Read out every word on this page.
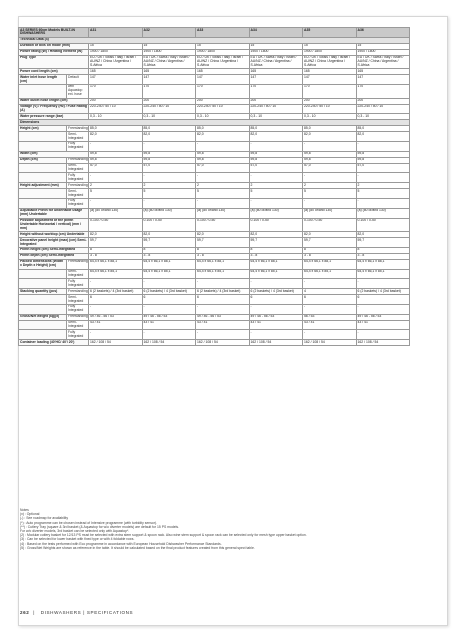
A3 SERIES 60cm Models BUILT-IN DISHWASHERS		A31	A32	A33	A34	A35	A36
Technical Data (4)							
Duration of bills on mode (min)		15	15	15	15	15	15
Power rating (W) / Heating element (W)		1900 / 1800	1900 / 1800	1900 / 1800	1900 / 1800	1900 / 1800	1900 / 1800
Plug Type		EU / UK / Swiss / Italy / Israel / AU/NZ / China / Argentina / S.Africa	EU / UK / Swiss / Italy / Israel / AU/NZ / China / Argentina / S.Africa	EU / UK / Swiss / Italy / Israel / AU/NZ / China / Argentina / S.Africa	EU / UK / Swiss / Italy / Israel / AU/NZ / China / Argentina / S.Africa	EU / UK / Swiss / Italy / Israel / AU/NZ / China / Argentina / S.Africa	EU / UK / Swiss / Italy / Israel / AU/NZ / China / Argentina / S.Africa
Power cord length (cm)		165	165	165	165	165	165
Water inlet hose length (cm)	Default	147	147	147	147	147	147
	with Aquastop ext. hose	170	170	170	170	170	170
Water outlet hose length (cm)		200	200	200	200	200	200
Voltage (V) / Frequency (Hz) / Fuse Rating (A)		220-240 / 50 / 10	220-240 / 50 / 10	220-240 / 50 / 10	220-240 / 50 / 10	220-240 / 50 / 10	220-240 / 50 / 10
Water pressure range (bar)		0,3 - 10	0,3 - 10	0,3 - 10	0,3 - 10	0,3 - 10	0,3 - 10
Dimensions							
Height (cm)	Freestanding	85,0	85,0	85,0	85,0	85,0	85,0
	Semi-Integrated	82,0	82,0	82,0	82,0	82,0	82,0
	Fully Integrated	-	-	-	-	-	-
Width (cm)		59,8	59,8	59,8	59,8	59,8	59,8
Depth (cm)	Freestanding	59,8	59,8	59,8	59,8	59,8	59,8
	Semi-Integrated	57,0	57,0	57,0	57,0	57,0	57,0
	Fully Integrated	-	-	-	-	-	-
Height adjustment (mm)	Freestanding	2	2	2	2	2	2
	Semi-Integrated	5	5	5	5	5	5
	Fully Integrated	-	-	-	-	-	-
Adjustable Plinth for undertable usage (mm) Undertable		(a) (80 or/and 130)	(a) (80 or/and 130)	(a) (80 or/and 130)	(a) (80 or/and 130)	(a) (80 or/and 130)	(a) (80 or/and 130)
Possible adjustment of the plinth Undertable Horizontal / vertical) (mm / mm)		0-100 / 0-50	0-100 / 0-50	0-100 / 0-50	0-100 / 0-50	0-100 / 0-50	0-100 / 0-50
Height without worktop (cm) Undertable		82,0	82,0	82,0	82,0	82,0	82,0
Decorative panel height (max) (cm) Semi-Integrated		59,7	59,7	59,7	59,7	59,7	59,7
Plinth height (cm) Semi-Integrated		8	8	8	8	8	8
Plinth depth (cm) Semi-Integrated		3 - 8	3 - 8	3 - 8	3 - 8	3 - 8	3 - 8
Packed dimensions (Width x Depth x Height) (cm)	Freestanding	64,4 x 66,1 x 88,1	64,4 x 66,1 x 88,1	64,4 x 66,1 x 88,1	64,4 x 66,1 x 88,1	64,4 x 66,1 x 88,1	64,4 x 66,1 x 88,1
	Semi-Integrated	64,4 x 66,1 x 85,1	64,4 x 66,1 x 85,1	64,4 x 66,1 x 85,1	64,4 x 66,1 x 85,1	64,4 x 66,1 x 85,1	64,4 x 66,1 x 85,1
	Fully Integrated	-	-	-	-	-	-
Stacking quantity (pcs)	Freestanding	6 (2 baskets) / 4 (3rd basket)	6 (2 baskets) / 4 (3rd basket)	6 (2 baskets) / 4 (3rd basket)	6 (2 baskets) / 4 (3rd basket)	4	6 (2 baskets) / 4 (3rd basket)
	Semi-Integrated	6	6	6	6	6	6
	Fully Integrated	-	-	-	-	-	-
Gross/Net weight (kg)(5)	Freestanding	49 / 46 - 56 / 53	49 / 46 - 56 / 53	49 / 46 - 56 / 53	49 / 46 - 56 / 53	56 / 53	49 / 46 - 56 / 53
	Semi-Integrated	43 / 41	43 / 41	43 / 41	43 / 41	43 / 41	43 / 41
	Fully Integrated	-	-	-	-	-	-
Container loading (40'HC/ 40'/ 20')		162 / 108 / 54	162 / 108 / 54	162 / 108 / 54	162 / 108 / 54	162 / 108 / 54	162 / 108 / 54
Notes
(x) : Optional
(-) : See roadmap for availability
(*) : Auto programme can be chosen instead of Intensive programme (with turbidity sensor).
(**) : Cutlery Tray (square & 3rd basket (& Aquastop for w/o diverter models) are default for 15 PS models.
For w/o diverter models, 3rd basket can be selected only with Aquastop*.
(2) : Modular cutlery basket for 12/13 PS must be selected with extra stem support & spoon rack. Also wine stem support & spoon rack can be selected only for mesh type upper basket option.
(3) : Can be selected for lower basket with fixed type or with 4 foldable rows.
(4) : Based on the tests performed with Eco programme in accordance with European Household Dishwasher Performance Standards.
(5) : Gross/Net Weights are shown as reference in the table. It should be calculated based on the final product features created from this general spect table.
262  |   DISHWASHERS | SPECIFICATIONS
